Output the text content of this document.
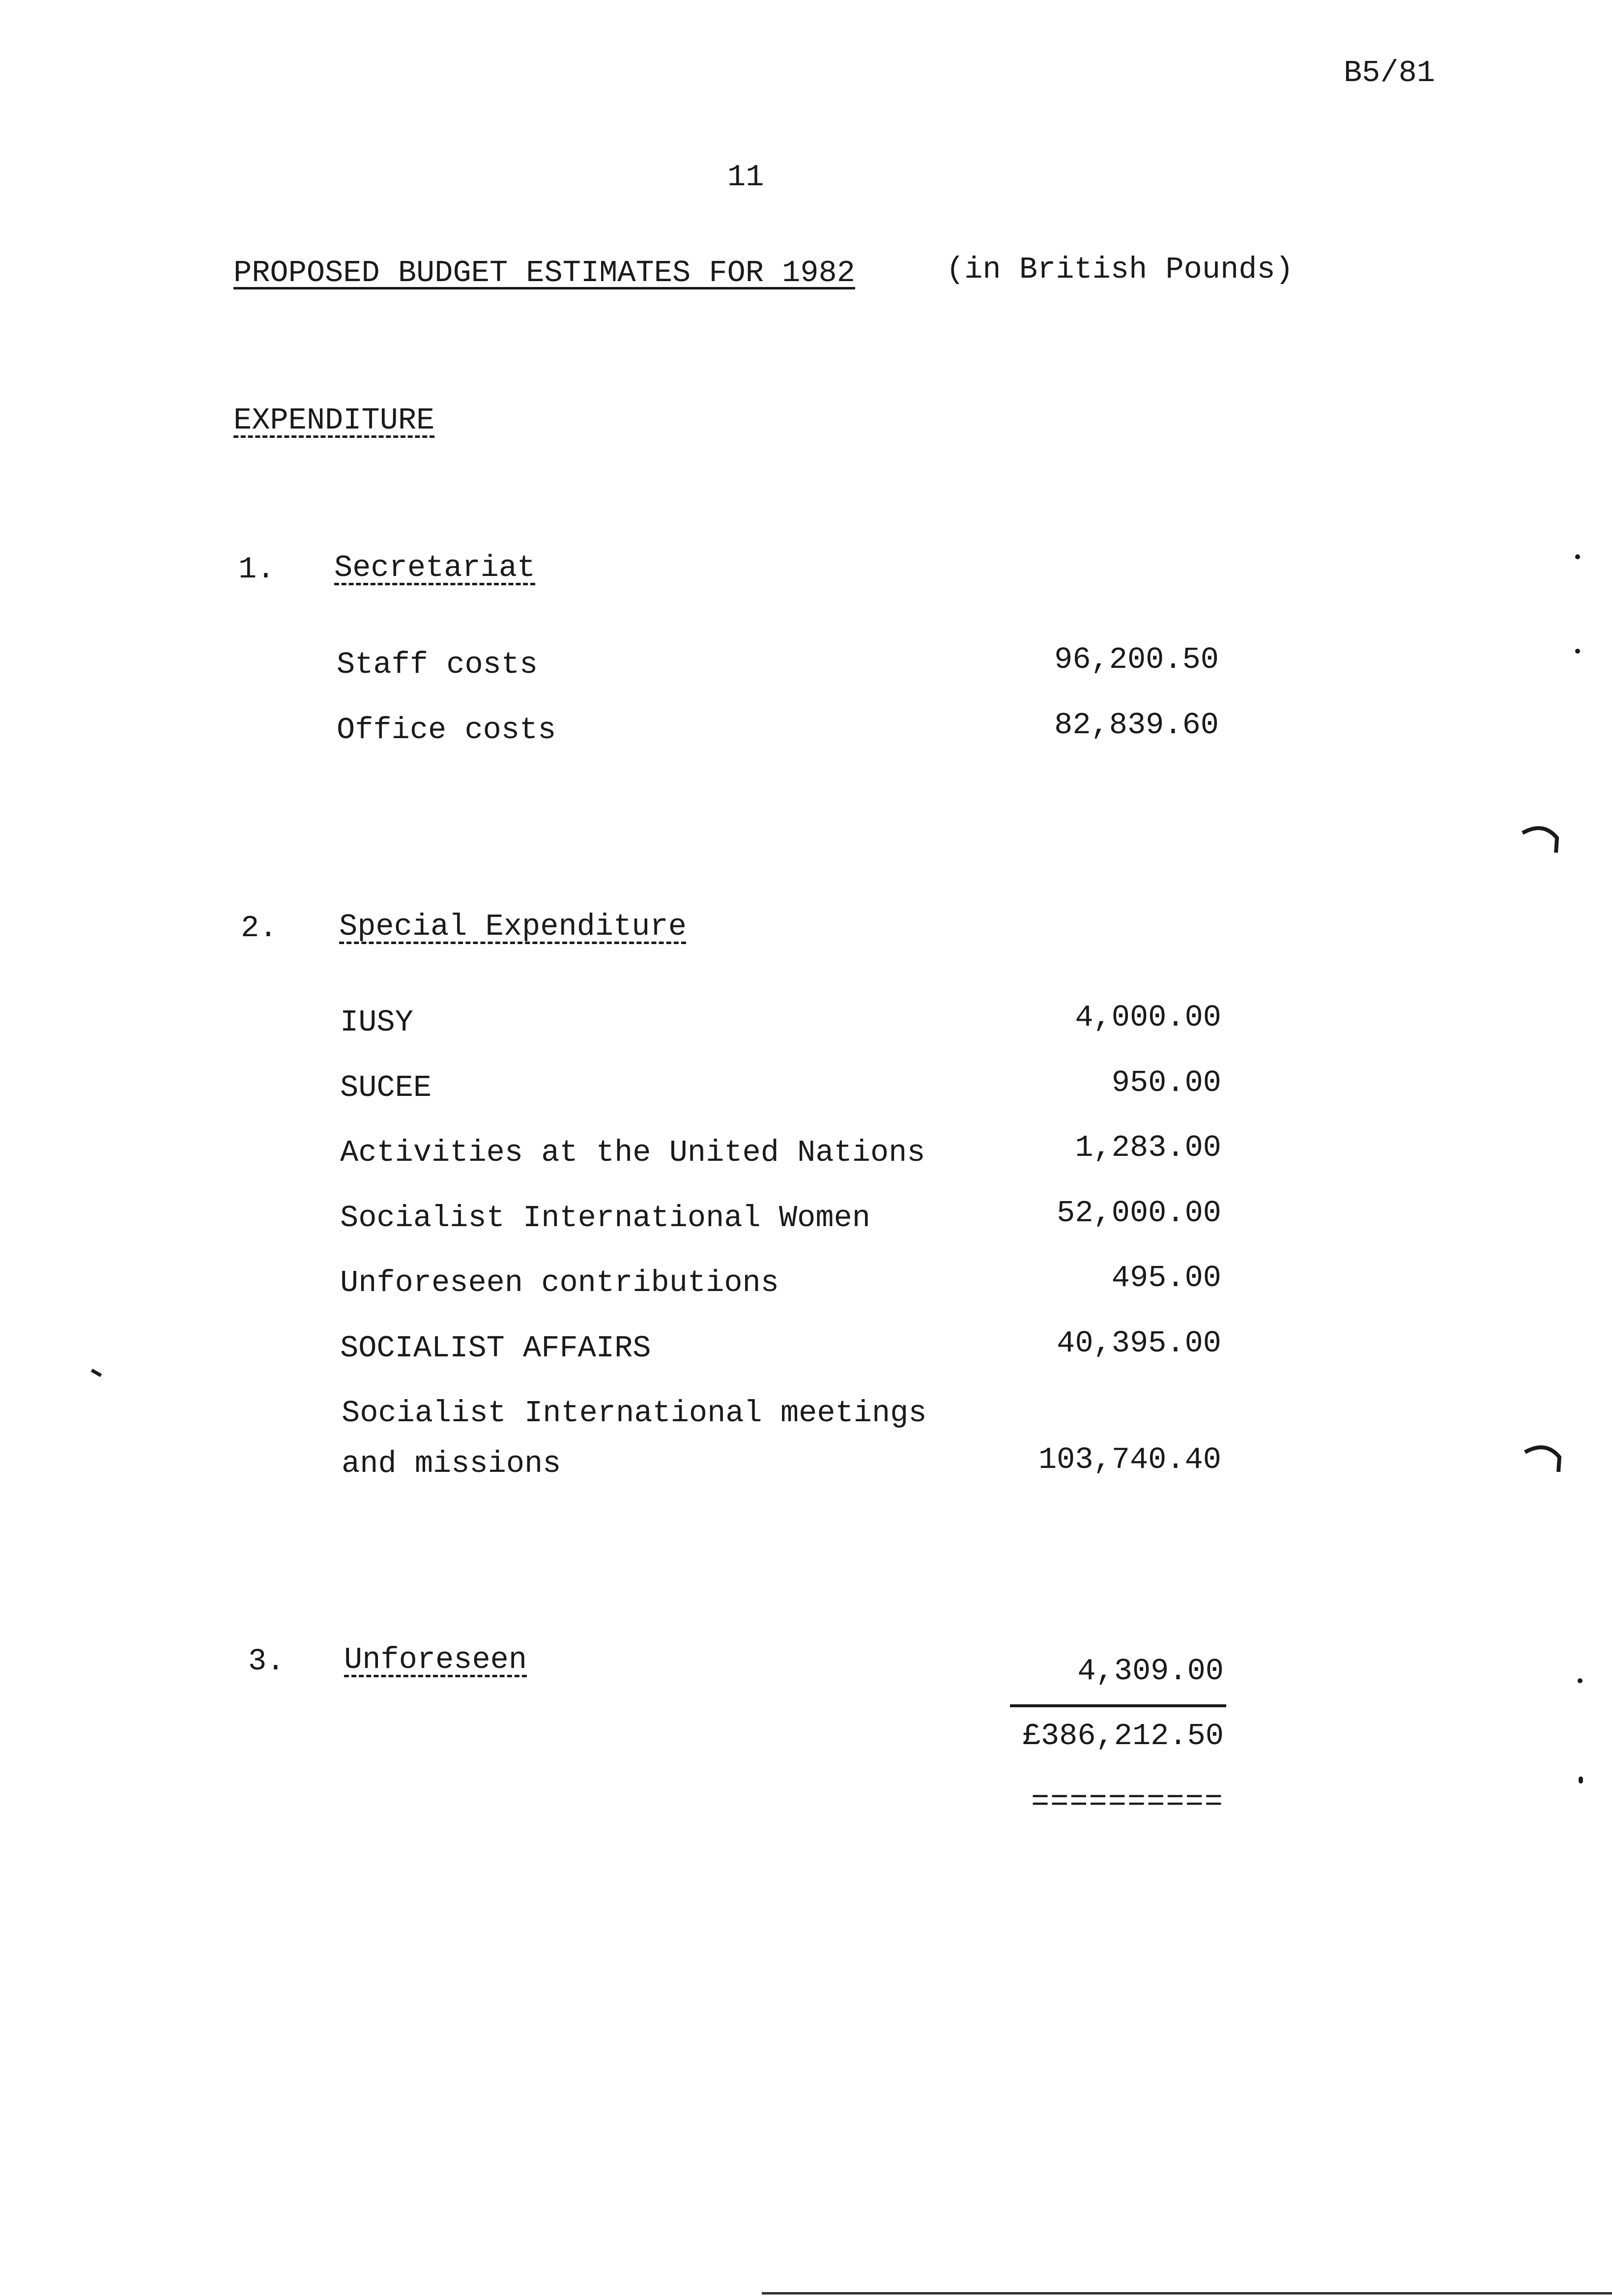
B5/81
11
PROPOSED BUDGET ESTIMATES FOR 1982	(in British Pounds)
EXPENDITURE
1. Secretariat
Staff costs	96,200.50
Office costs	82,839.60
2. Special Expenditure
IUSY	4,000.00
SUCEE	950.00
Activities at the United Nations	1,283.00
Socialist International Women	52,000.00
Unforeseen contributions	495.00
SOCIALIST AFFAIRS	40,395.00
Socialist International meetings
and missions	103,740.40
3. Unforeseen	4,309.00
£386,212.50
==========
